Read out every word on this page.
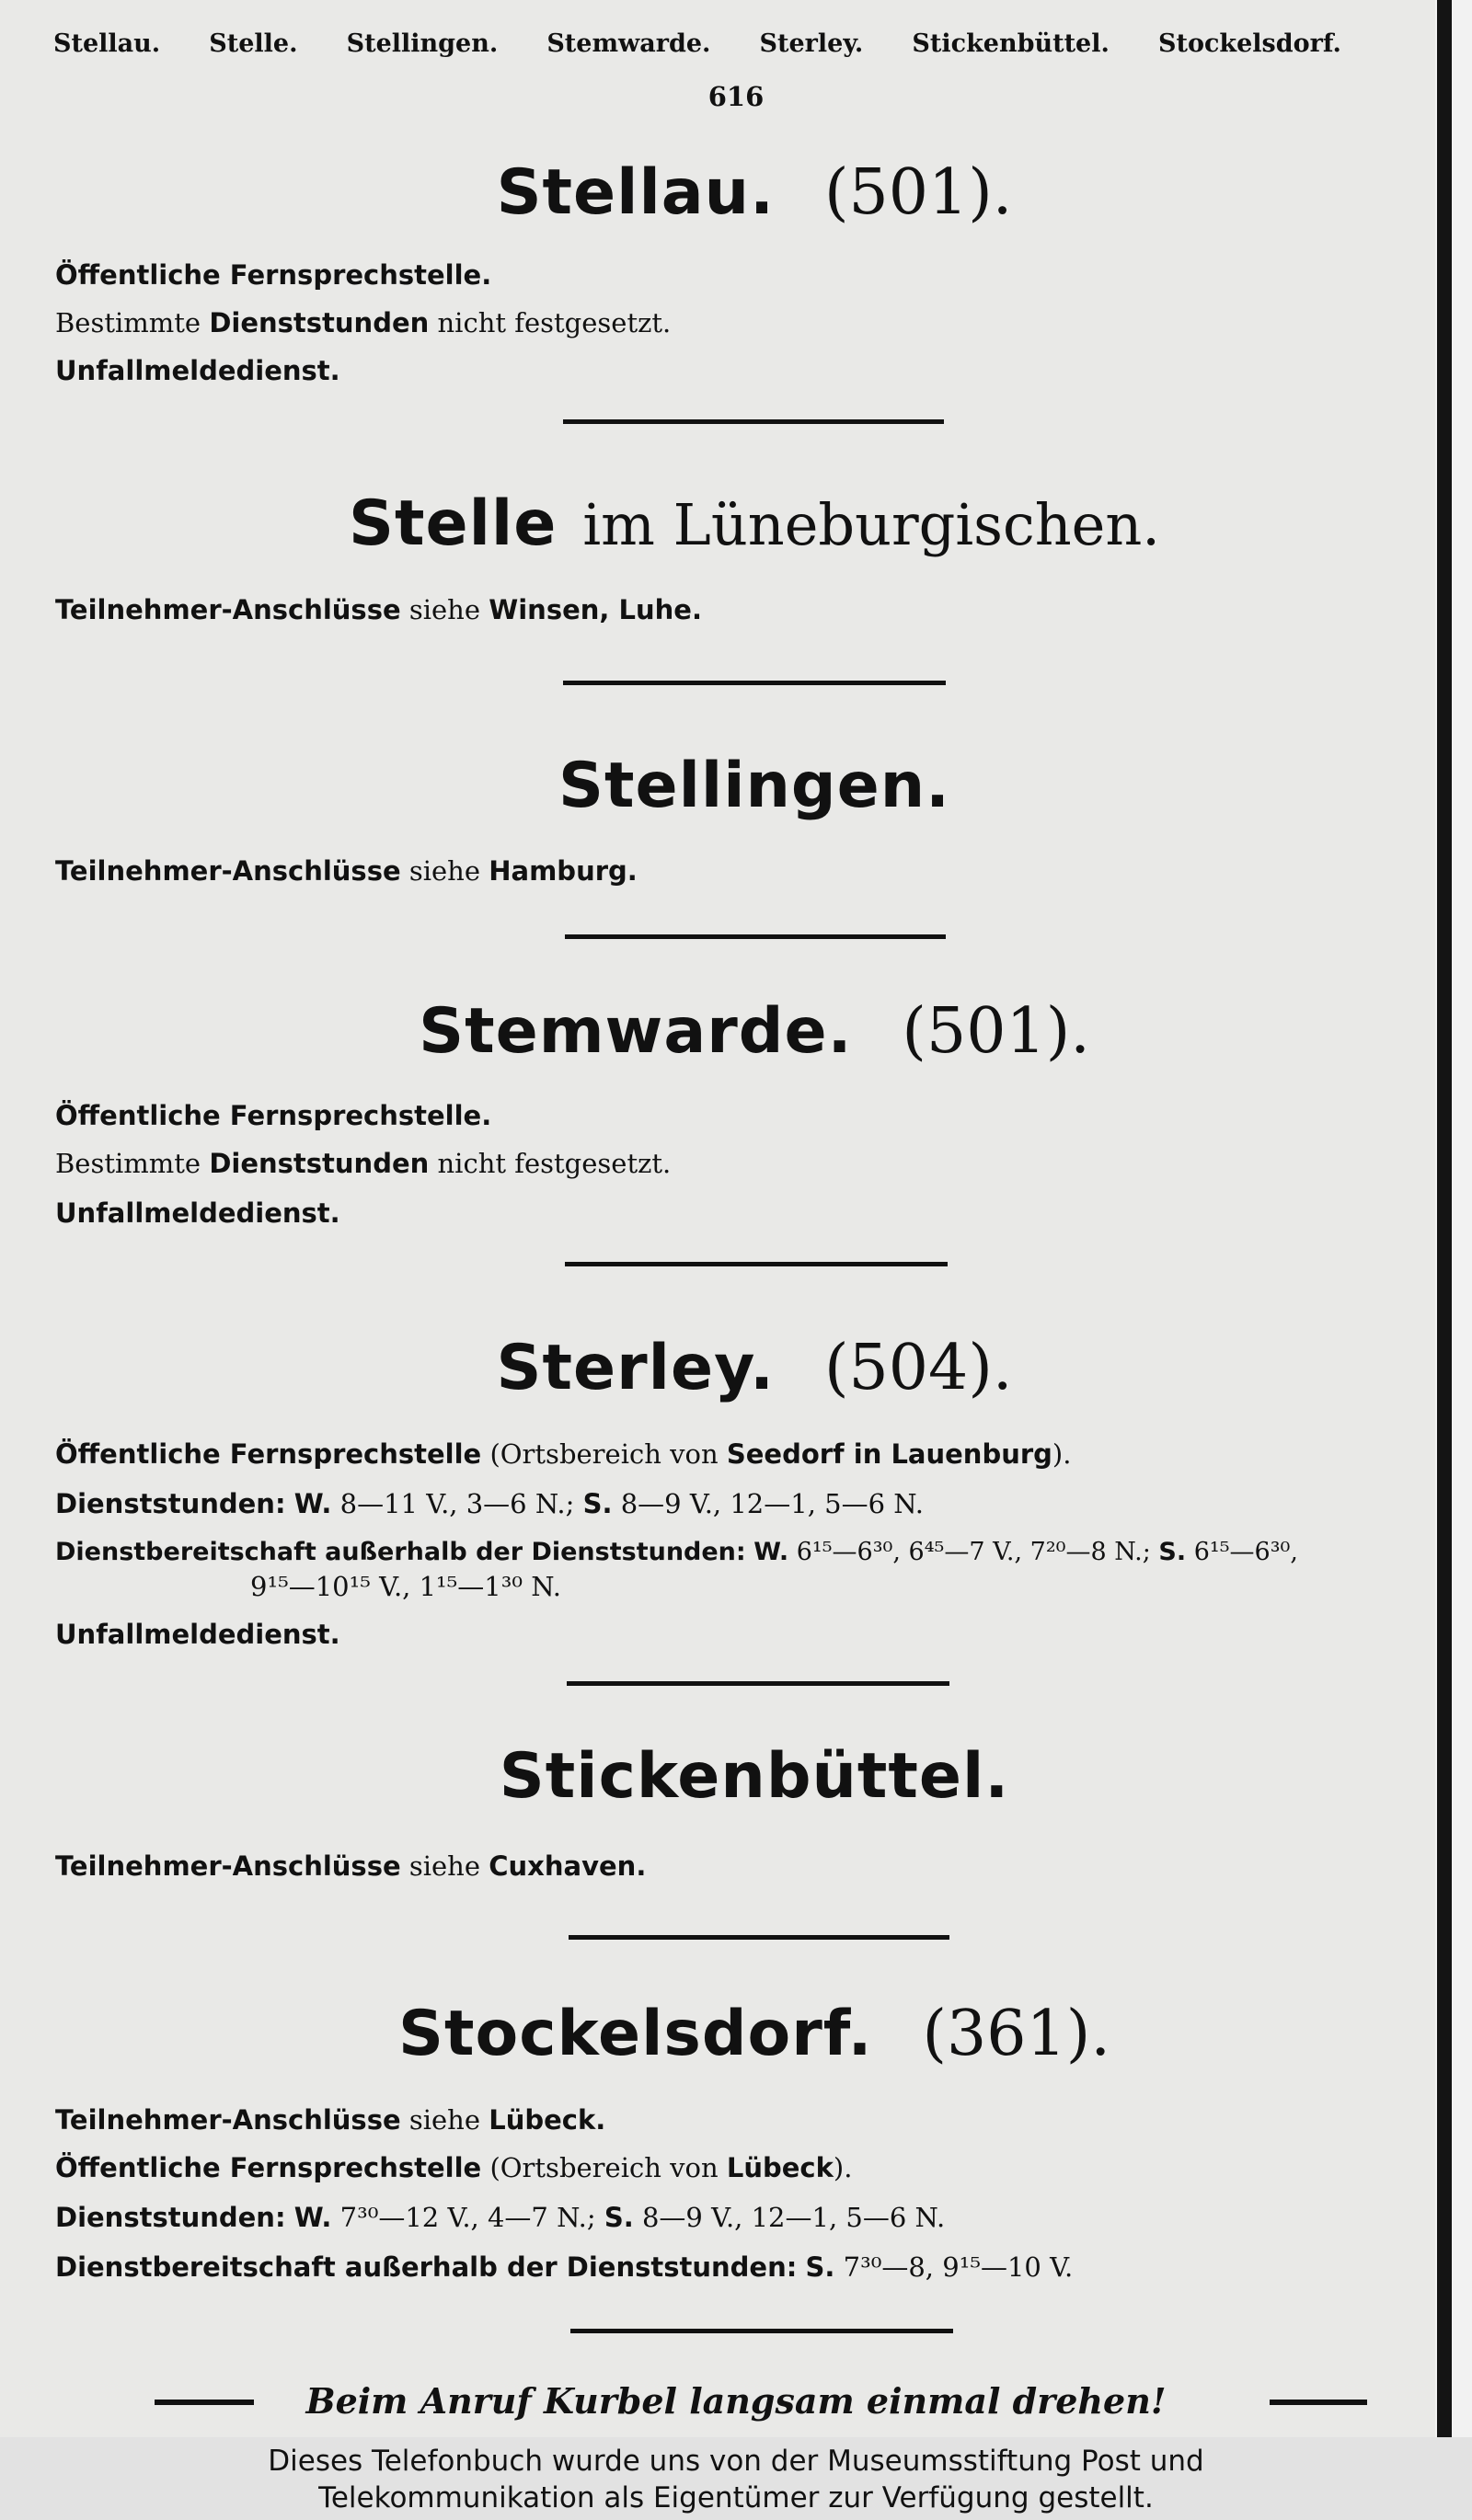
Stellau. Stelle. Stellingen. Stemwarde. Sterley. Stickenbüttel. Stockelsdorf.
616
Stellau. (501).
Öffentliche Fernsprechstelle.
Bestimmte Dienststunden nicht festgesetzt.
Unfallmeldedienst.
Stelle im Lüneburgischen.
Teilnehmer-Anschlüsse siehe Winsen, Luhe.
Stellingen.
Teilnehmer-Anschlüsse siehe Hamburg.
Stemwarde. (501).
Öffentliche Fernsprechstelle.
Bestimmte Dienststunden nicht festgesetzt.
Unfallmeldedienst.
Sterley. (504).
Öffentliche Fernsprechstelle (Ortsbereich von Seedorf in Lauenburg).
Dienststunden: W. 8—11 V., 3—6 N.; S. 8—9 V., 12—1, 5—6 N.
Dienstbereitschaft außerhalb der Dienststunden: W. 6¹⁵—6³⁰, 6⁴⁵—7 V., 7²⁰—8 N.; S. 6¹⁵—6³⁰,
9¹⁵—10¹⁵ V., 1¹⁵—1³⁰ N.
Unfallmeldedienst.
Stickenbüttel.
Teilnehmer-Anschlüsse siehe Cuxhaven.
Stockelsdorf. (361).
Teilnehmer-Anschlüsse siehe Lübeck.
Öffentliche Fernsprechstelle (Ortsbereich von Lübeck).
Dienststunden: W. 7³⁰—12 V., 4—7 N.; S. 8—9 V., 12—1, 5—6 N.
Dienstbereitschaft außerhalb der Dienststunden: S. 7³⁰—8, 9¹⁵—10 V.
Beim Anruf Kurbel langsam einmal drehen!
Dieses Telefonbuch wurde uns von der Museumsstiftung Post und
Telekommunikation als Eigentümer zur Verfügung gestellt.
